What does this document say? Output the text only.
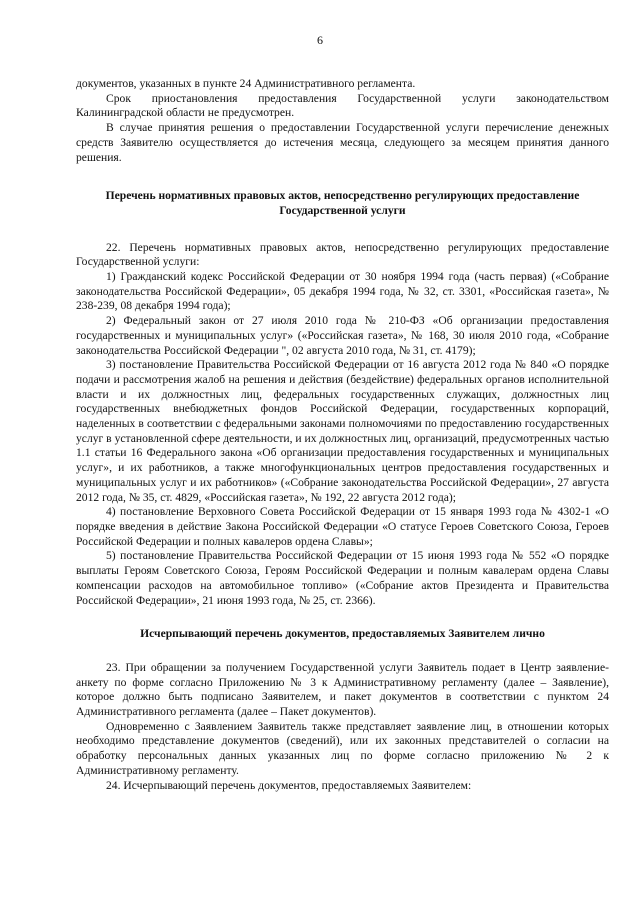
6

документов, указанных в пункте 24 Административного регламента.

Срок приостановления предоставления Государственной услуги законодательством Калининградской области не предусмотрен.

В случае принятия решения о предоставлении Государственной услуги перечисление денежных средств Заявителю осуществляется до истечения месяца, следующего за месяцем принятия данного решения.

Перечень нормативных правовых актов, непосредственно регулирующих предоставление Государственной услуги

22. Перечень нормативных правовых актов, непосредственно регулирующих предоставление Государственной услуги:

1) Гражданский кодекс Российской Федерации от 30 ноября 1994 года (часть первая) («Собрание законодательства Российской Федерации», 05 декабря 1994 года, № 32, ст. 3301, «Российская газета», № 238-239, 08 декабря 1994 года);

2) Федеральный закон от 27 июля 2010 года № 210-ФЗ «Об организации предоставления государственных и муниципальных услуг» («Российская газета», № 168, 30 июля 2010 года, «Собрание законодательства Российской Федерации ", 02 августа 2010 года, № 31, ст. 4179);

3) постановление Правительства Российской Федерации от 16 августа 2012 года № 840 «О порядке подачи и рассмотрения жалоб на решения и действия (бездействие) федеральных органов исполнительной власти и их должностных лиц, федеральных государственных служащих, должностных лиц государственных внебюджетных фондов Российской Федерации, государственных корпораций, наделенных в соответствии с федеральными законами полномочиями по предоставлению государственных услуг в установленной сфере деятельности, и их должностных лиц, организаций, предусмотренных частью 1.1 статьи 16 Федерального закона «Об организации предоставления государственных и муниципальных услуг», и их работников, а также многофункциональных центров предоставления государственных и муниципальных услуг и их работников» («Собрание законодательства Российской Федерации», 27 августа 2012 года, № 35, ст. 4829, «Российская газета», № 192, 22 августа 2012 года);

4) постановление Верховного Совета Российской Федерации от 15 января 1993 года № 4302-1 «О порядке введения в действие Закона Российской Федерации «О статусе Героев Советского Союза, Героев Российской Федерации и полных кавалеров ордена Славы»;

5) постановление Правительства Российской Федерации от 15 июня 1993 года № 552 «О порядке выплаты Героям Советского Союза, Героям Российской Федерации и полным кавалерам ордена Славы компенсации расходов на автомобильное топливо» («Собрание актов Президента и Правительства Российской Федерации», 21 июня 1993 года, № 25, ст. 2366).

Исчерпывающий перечень документов, предоставляемых Заявителем лично

23. При обращении за получением Государственной услуги Заявитель подает в Центр заявление-анкету по форме согласно Приложению № 3 к Административному регламенту (далее – Заявление), которое должно быть подписано Заявителем, и пакет документов в соответствии с пунктом 24 Административного регламента (далее – Пакет документов).

Одновременно с Заявлением Заявитель также представляет заявление лиц, в отношении которых необходимо представление документов (сведений), или их законных представителей о согласии на обработку персональных данных указанных лиц по форме согласно приложению № 2 к Административному регламенту.

24. Исчерпывающий перечень документов, предоставляемых Заявителем:
